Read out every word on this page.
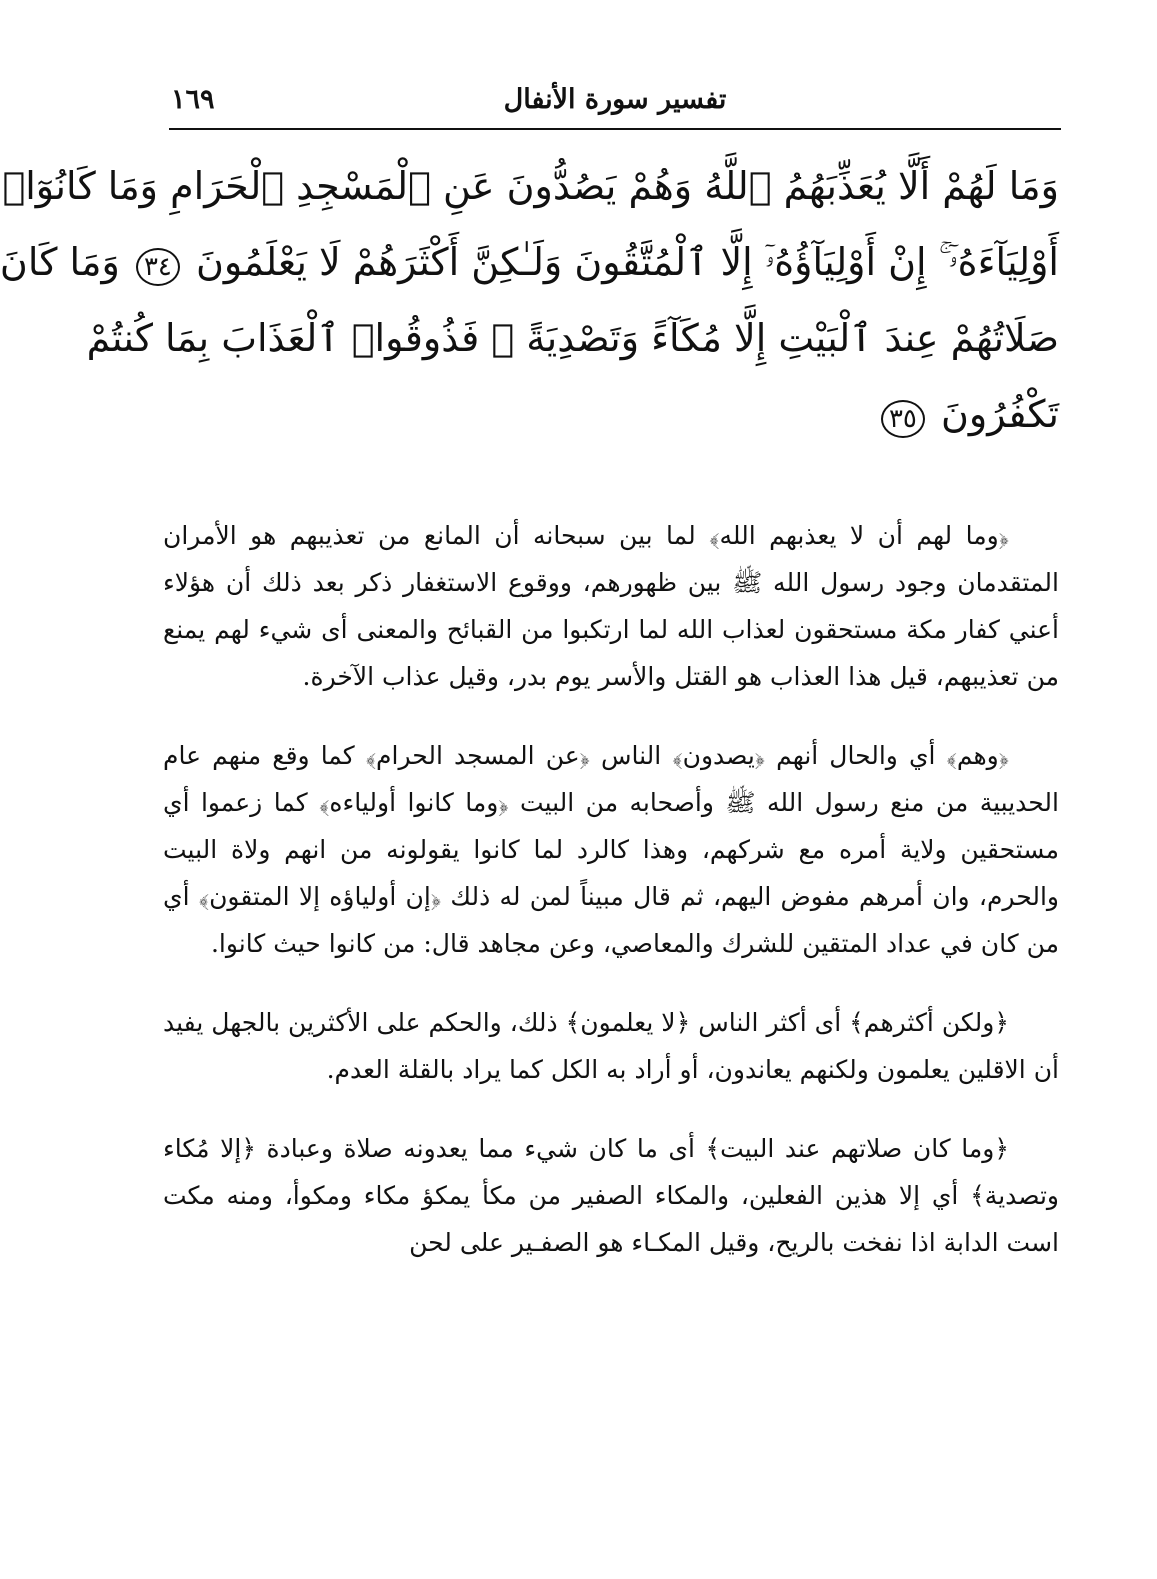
تفسير سورة الأنفال
١٦٩
وَمَا لَهُمْ أَلَّا يُعَذِّبَهُمُ ٱللَّهُ وَهُمْ يَصُدُّونَ عَنِ ٱلْمَسْجِدِ ٱلْحَرَامِ وَمَا كَانُوٓا۟
أَوْلِيَآءَهُۥٓ ۚ إِنْ أَوْلِيَآؤُهُۥٓ إِلَّا ٱلْمُتَّقُونَ وَلَـٰكِنَّ أَكْثَرَهُمْ لَا يَعْلَمُونَ ٣٤ وَمَا كَانَ
صَلَاتُهُمْ عِندَ ٱلْبَيْتِ إِلَّا مُكَآءً وَتَصْدِيَةً ۚ فَذُوقُوا۟ ٱلْعَذَابَ بِمَا كُنتُمْ
تَكْفُرُونَ ٣٥

﴿وما لهم أن لا يعذبهم الله﴾ لما بين سبحانه أن المانع من تعذيبهم هو الأمران المتقدمان وجود رسول الله ﷺ بين ظهورهم، ووقوع الاستغفار ذكر بعد ذلك أن هؤلاء أعني كفار مكة مستحقون لعذاب الله لما ارتكبوا من القبائح والمعنى أى شيء لهم يمنع من تعذيبهم، قيل هذا العذاب هو القتل والأسر يوم بدر، وقيل عذاب الآخرة.

﴿وهم﴾ أي والحال أنهم ﴿يصدون﴾ الناس ﴿عن المسجد الحرام﴾ كما وقع منهم عام الحديبية من منع رسول الله ﷺ وأصحابه من البيت ﴿وما كانوا أولياءه﴾ كما زعموا أي مستحقين ولاية أمره مع شركهم، وهذا كالرد لما كانوا يقولونه من انهم ولاة البيت والحرم، وان أمرهم مفوض اليهم، ثم قال مبيناً لمن له ذلك ﴿إن أولياؤه إلا المتقون﴾ أي من كان في عداد المتقين للشرك والمعاصي، وعن مجاهد قال: من كانوا حيث كانوا.

﴿ولكن أكثرهم﴾ أى أكثر الناس ﴿لا يعلمون﴾ ذلك، والحكم على الأكثرين بالجهل يفيد أن الاقلين يعلمون ولكنهم يعاندون، أو أراد به الكل كما يراد بالقلة العدم.

﴿وما كان صلاتهم عند البيت﴾ أى ما كان شيء مما يعدونه صلاة وعبادة ﴿إلا مُكاء وتصدية﴾ أي إلا هذين الفعلين، والمكاء الصفير من مكأ يمكؤ مكاء ومكوأ، ومنه مكت است الدابة اذا نفخت بالريح، وقيل المكـاء هو الصفـير على لحن
